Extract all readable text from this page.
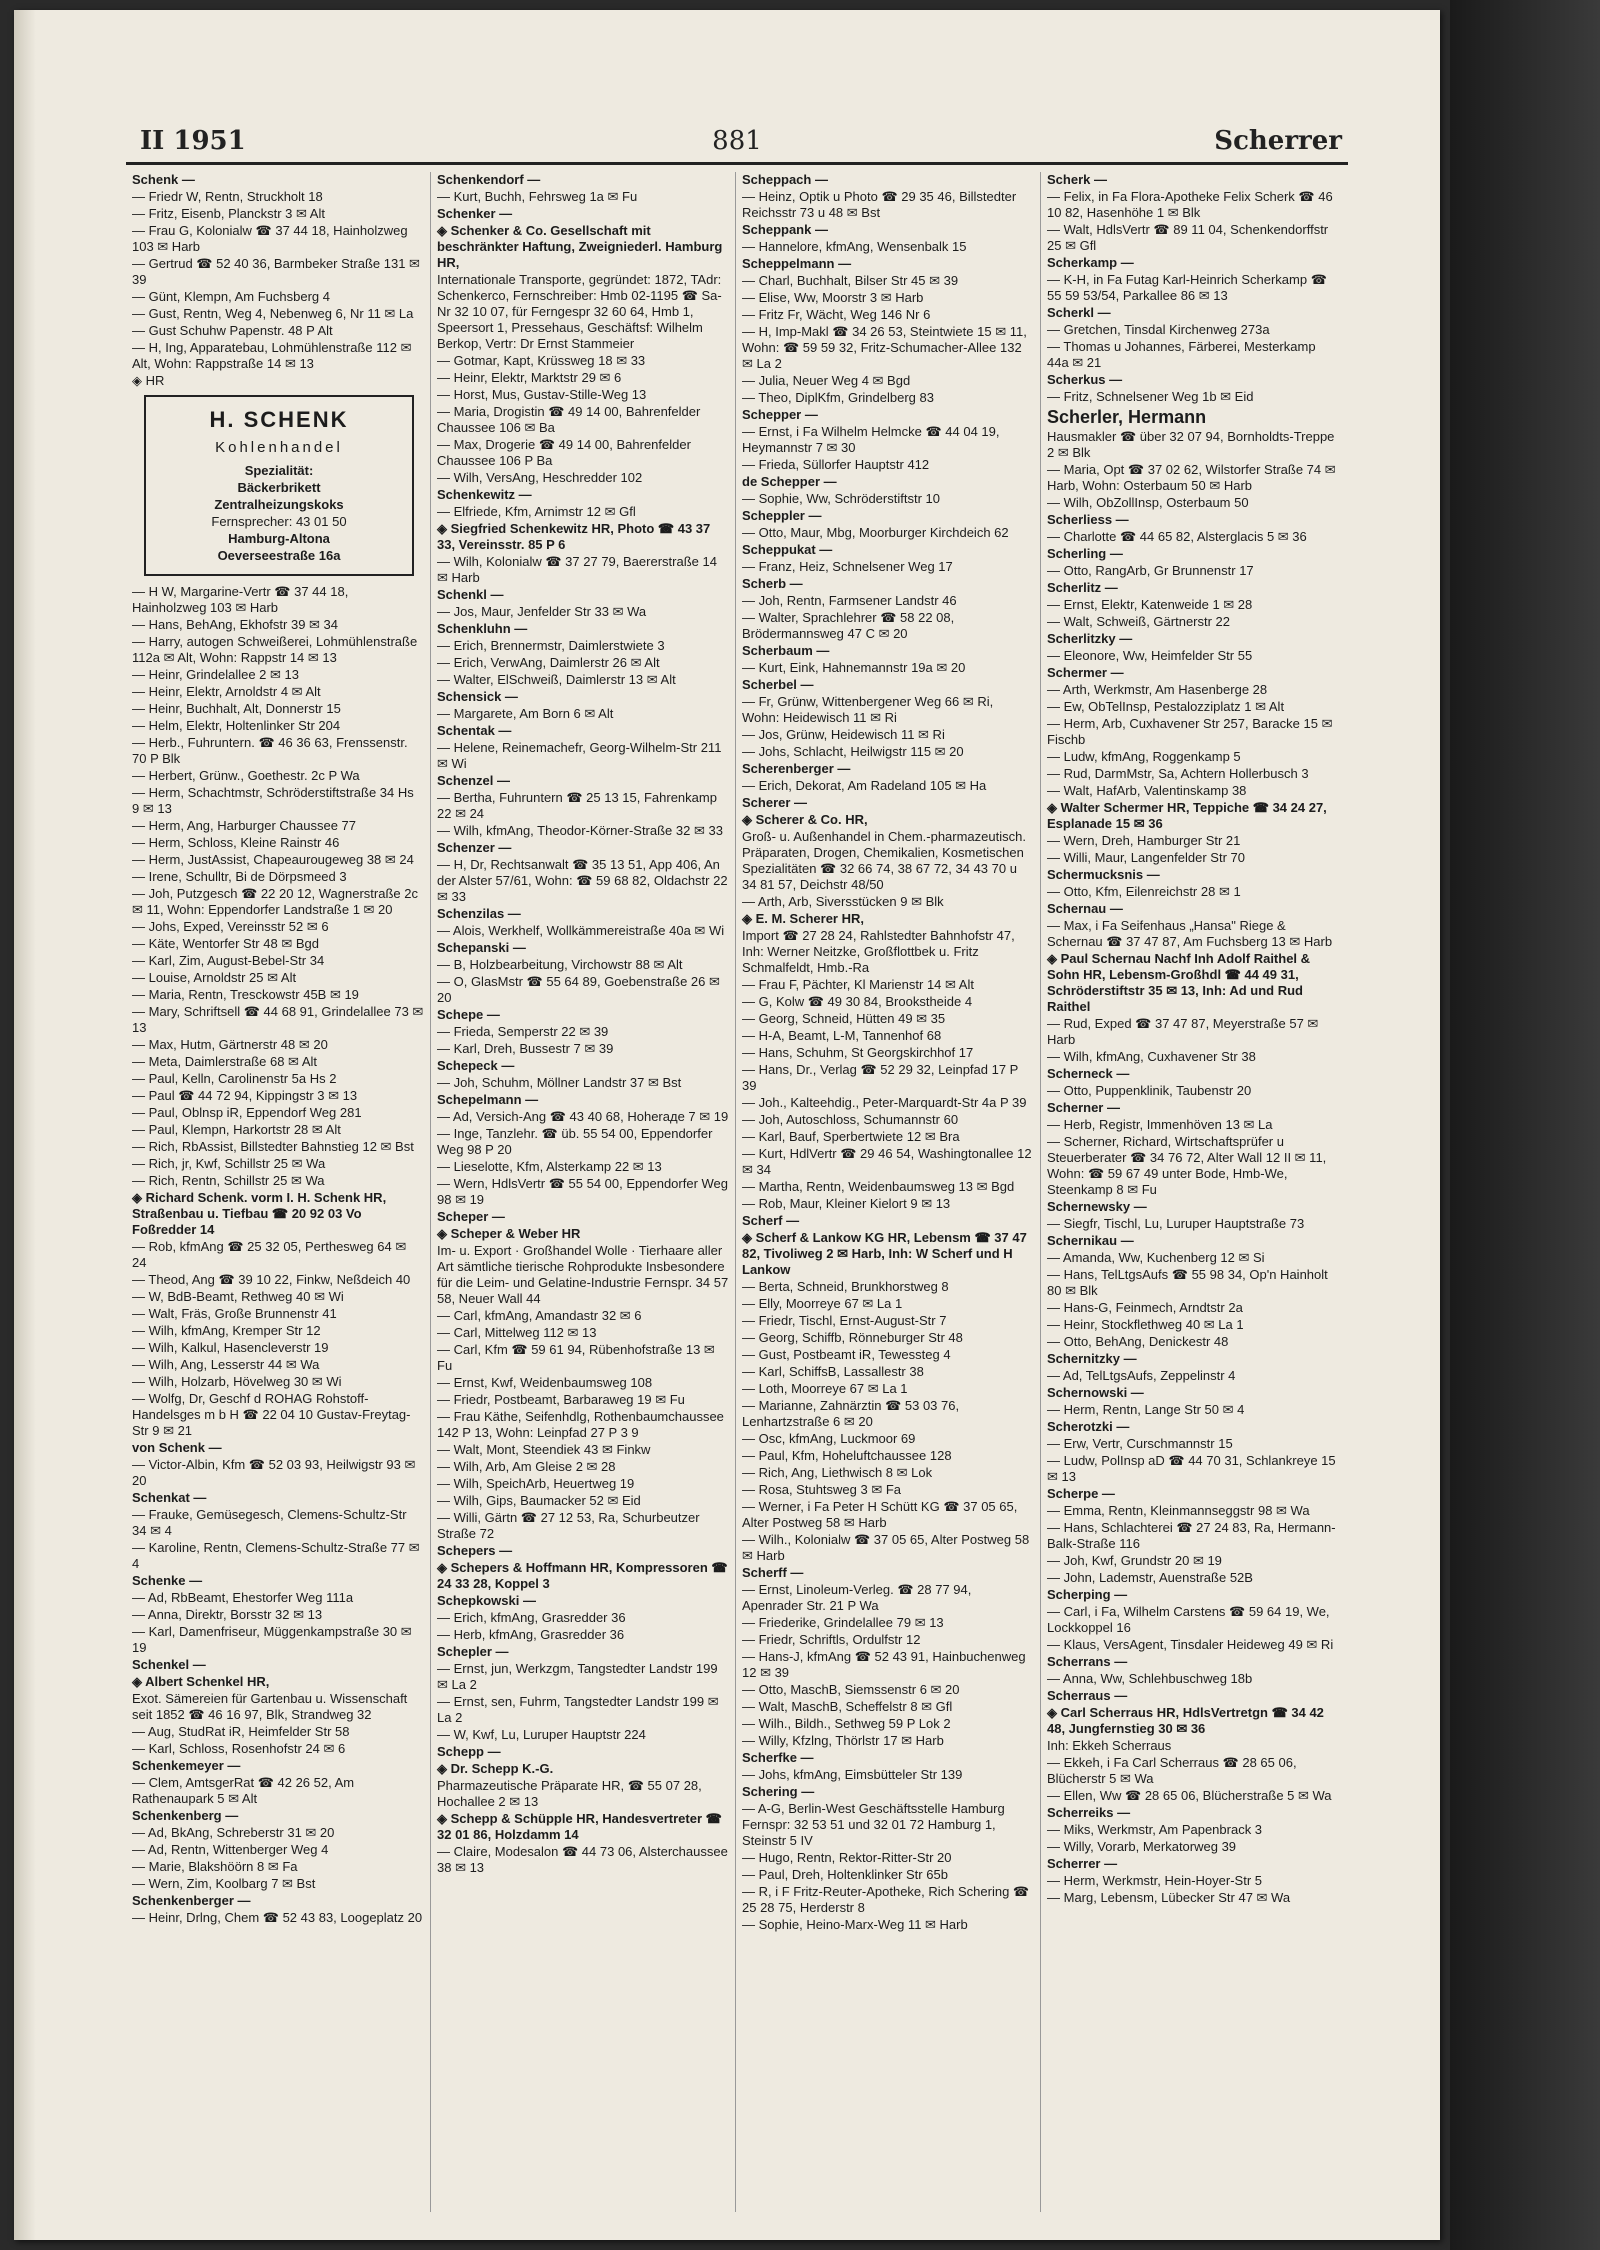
II 1951	881	Scherrer
Schenk —
— Friedr W, Rentn, Struckholt 18
— Fritz, Eisenb, Planckstr 3 ✉ Alt
— Frau G, Kolonialw ☎ 37 44 18, Hainholzweg 103 ✉ Harb
— Gertrud ☎ 52 40 36, Barmbeker Straße 131 ✉ 39
— Günt, Klempn, Am Fuchsberg 4
— Gust, Rentn, Weg 4, Nebenweg 6, Nr 11 ✉ La
— Gust Schuhw Papenstr. 48 P Alt
— H, Ing, Apparatebau, Lohmühlenstraße 112 ✉ Alt, Wohn: Rappstraße 14 ✉ 13
◈ HR
H. SCHENK
Kohlenhandel
Spezialität:
Bäckerbrikett
Zentralheizungskoks
Fernsprecher: 43 01 50
Hamburg-Altona
Oeverseestraße 16a
— H W, Margarine-Vertr ☎ 37 44 18, Hainholzweg 103 ✉ Harb
— Hans, BehAng, Ekhofstr 39 ✉ 34
— Harry, autogen Schweißerei, Lohmühlenstraße 112a ✉ Alt, Wohn: Rappstr 14 ✉ 13
— Heinr, Grindelallee 2 ✉ 13
— Heinr, Elektr, Arnoldstr 4 ✉ Alt
— Heinr, Buchhalt, Alt, Donnerstr 15
— Helm, Elektr, Holtenlinker Str 204
— Herb., Fuhruntern. ☎ 46 36 63, Frenssenstr. 70 P Blk
— Herbert, Grünw., Goethestr. 2c P Wa
— Herm, Schachtmstr, Schröderstiftstraße 34 Hs 9 ✉ 13
— Herm, Ang, Harburger Chaussee 77
— Herm, Schloss, Kleine Rainstr 46
— Herm, JustAssist, Chapeaurougeweg 38 ✉ 24
— Irene, Schulltr, Bi de Dörpsmeed 3
— Joh, Putzgesch ☎ 22 20 12, Wagnerstraße 2c ✉ 11, Wohn: Eppendorfer Landstraße 1 ✉ 20
— Johs, Exped, Vereinsstr 52 ✉ 6
— Käte, Wentorfer Str 48 ✉ Bgd
— Karl, Zim, August-Bebel-Str 34
— Louise, Arnoldstr 25 ✉ Alt
— Maria, Rentn, Tresckowstr 45B ✉ 19
— Mary, Schriftsell ☎ 44 68 91, Grindelallee 73 ✉ 13
— Max, Hutm, Gärtnerstr 48 ✉ 20
— Meta, Daimlerstraße 68 ✉ Alt
— Paul, Kelln, Carolinenstr 5a Hs 2
— Paul ☎ 44 72 94, Kippingstr 3 ✉ 13
— Paul, Oblnsp iR, Eppendorf Weg 281
— Paul, Klempn, Harkortstr 28 ✉ Alt
— Rich, RbAssist, Billstedter Bahnstieg 12 ✉ Bst
— Rich, jr, Kwf, Schillstr 25 ✉ Wa
— Rich, Rentn, Schillstr 25 ✉ Wa
◈ Richard Schenk. vorm I. H. Schenk HR, Straßenbau u. Tiefbau ☎ 20 92 03 Vo Foßredder 14
— Rob, kfmAng ☎ 25 32 05, Perthesweg 64 ✉ 24
— Theod, Ang ☎ 39 10 22, Finkw, Neßdeich 40
— W, BdB-Beamt, Rethweg 40 ✉ Wi
— Walt, Fräs, Große Brunnenstr 41
— Wilh, kfmAng, Kremper Str 12
— Wilh, Kalkul, Hasencleverstr 19
— Wilh, Ang, Lesserstr 44 ✉ Wa
— Wilh, Holzarb, Hövelweg 30 ✉ Wi
— Wolfg, Dr, Geschf d ROHAG Rohstoff-Handelsges m b H ☎ 22 04 10 Gustav-Freytag-Str 9 ✉ 21
von Schenk —
— Victor-Albin, Kfm ☎ 52 03 93, Heilwigstr 93 ✉ 20
Schenkat —
— Frauke, Gemüsegesch, Clemens-Schultz-Str 34 ✉ 4
— Karoline, Rentn, Clemens-Schultz-Straße 77 ✉ 4
Schenke —
— Ad, RbBeamt, Ehestorfer Weg 111a
— Anna, Direktr, Borsstr 32 ✉ 13
— Karl, Damenfriseur, Müggenkampstraße 30 ✉ 19
Schenkel —
◈ Albert Schenkel HR,
Exot. Sämereien für Gartenbau u. Wissenschaft seit 1852 ☎ 46 16 97, Blk, Strandweg 32
— Aug, StudRat iR, Heimfelder Str 58
— Karl, Schloss, Rosenhofstr 24 ✉ 6
Schenkemeyer —
— Clem, AmtsgerRat ☎ 42 26 52, Am Rathenaupark 5 ✉ Alt
Schenkenberg —
— Ad, BkAng, Schreberstr 31 ✉ 20
— Ad, Rentn, Wittenberger Weg 4
— Marie, Blakshöörn 8 ✉ Fa
— Wern, Zim, Koolbarg 7 ✉ Bst
Schenkenberger —
— Heinr, Drlng, Chem ☎ 52 43 83, Loogeplatz 20
Schenkendorf —
— Kurt, Buchh, Fehrsweg 1a ✉ Fu
Schenker —
◈ Schenker & Co. Gesellschaft mit beschränkter Haftung, Zweigniederl. Hamburg HR,
Internationale Transporte, gegründet: 1872, TAdr: Schenkerco, Fernschreiber: Hmb 02-1195 ☎ Sa-Nr 32 10 07, für Ferngespr 32 60 64, Hmb 1, Speersort 1, Pressehaus, Geschäftsf: Wilhelm Berkop, Vertr: Dr Ernst Stammeier
— Gotmar, Kapt, Krüssweg 18 ✉ 33
— Heinr, Elektr, Marktstr 29 ✉ 6
— Horst, Mus, Gustav-Stille-Weg 13
— Maria, Drogistin ☎ 49 14 00, Bahrenfelder Chaussee 106 ✉ Ba
— Max, Drogerie ☎ 49 14 00, Bahrenfelder Chaussee 106 P Ba
— Wilh, VersAng, Heschredder 102
Schenkewitz —
— Elfriede, Kfm, Arnimstr 12 ✉ Gfl
◈ Siegfried Schenkewitz HR, Photo ☎ 43 37 33, Vereinsstr. 85 P 6
— Wilh, Kolonialw ☎ 37 27 79, Baererstraße 14 ✉ Harb
Schenkl —
— Jos, Maur, Jenfelder Str 33 ✉ Wa
Schenkluhn —
— Erich, Brennermstr, Daimlerstwiete 3
— Erich, VerwAng, Daimlerstr 26 ✉ Alt
— Walter, ElSchweiß, Daimlerstr 13 ✉ Alt
Schensick —
— Margarete, Am Born 6 ✉ Alt
Schentak —
— Helene, Reinemachefr, Georg-Wilhelm-Str 211 ✉ Wi
Schenzel —
— Bertha, Fuhruntern ☎ 25 13 15, Fahrenkamp 22 ✉ 24
— Wilh, kfmAng, Theodor-Körner-Straße 32 ✉ 33
Schenzer —
— H, Dr, Rechtsanwalt ☎ 35 13 51, App 406, An der Alster 57/61, Wohn: ☎ 59 68 82, Oldachstr 22 ✉ 33
Schenzilas —
— Alois, Werkhelf, Wollkämmereistraße 40a ✉ Wi
Schepanski —
— B, Holzbearbeitung, Virchowstr 88 ✉ Alt
— O, GlasMstr ☎ 55 64 89, Goebenstraße 26 ✉ 20
Schepe —
— Frieda, Semperstr 22 ✉ 39
— Karl, Dreh, Bussestr 7 ✉ 39
Schepeck —
— Joh, Schuhm, Möllner Landstr 37 ✉ Bst
Schepelmann —
— Ad, Versich-Ang ☎ 43 40 68, Hoheraде 7 ✉ 19
— Inge, Tanzlehr. ☎ üb. 55 54 00, Eppendorfer Weg 98 P 20
— Lieselotte, Kfm, Alsterkamp 22 ✉ 13
— Wern, HdlsVertr ☎ 55 54 00, Eppendorfer Weg 98 ✉ 19
Scheper —
◈ Scheper & Weber HR
Im- u. Export · Großhandel Wolle · Tierhaare aller Art sämtliche tierische Rohprodukte Insbesondere für die Leim- und Gelatine-Industrie Fernspr. 34 57 58, Neuer Wall 44
— Carl, kfmAng, Amandastr 32 ✉ 6
— Carl, Mittelweg 112 ✉ 13
— Carl, Kfm ☎ 59 61 94, Rübenhofstraße 13 ✉ Fu
— Ernst, Kwf, Weidenbaumsweg 108
— Friedr, Postbeamt, Barbaraweg 19 ✉ Fu
— Frau Käthe, Seifenhdlg, Rothenbaumchaussee 142 P 13, Wohn: Leinpfad 27 P 3 9
— Walt, Mont, Steendiek 43 ✉ Finkw
— Wilh, Arb, Am Gleise 2 ✉ 28
— Wilh, SpeichArb, Heuertweg 19
— Wilh, Gips, Baumacker 52 ✉ Eid
— Willi, Gärtn ☎ 27 12 53, Ra, Schurbeutzer Straße 72
Schepers —
◈ Schepers & Hoffmann HR, Kompressoren ☎ 24 33 28, Koppel 3
Schepkowski —
— Erich, kfmAng, Grasredder 36
— Herb, kfmAng, Grasredder 36
Schepler —
— Ernst, jun, Werkzgm, Tangstedter Landstr 199 ✉ La 2
— Ernst, sen, Fuhrm, Tangstedter Landstr 199 ✉ La 2
— W, Kwf, Lu, Luruper Hauptstr 224
Schepp —
◈ Dr. Schepp K.-G.
Pharmazeutische Präparate HR, ☎ 55 07 28, Hochallee 2 ✉ 13
◈ Schepp & Schüpple HR, Handesvertreter ☎ 32 01 86, Holzdamm 14
— Claire, Modesalon ☎ 44 73 06, Alsterchaussee 38 ✉ 13
Scheppach —
— Heinz, Optik u Photo ☎ 29 35 46, Billstedter Reichsstr 73 u 48 ✉ Bst
Scheppank —
— Hannelore, kfmAng, Wensenbalk 15
Scheppelmann —
— Charl, Buchhalt, Bilser Str 45 ✉ 39
— Elise, Ww, Moorstr 3 ✉ Harb
— Fritz Fr, Wächt, Weg 146 Nr 6
— H, Imp-Makl ☎ 34 26 53, Steintwiete 15 ✉ 11, Wohn: ☎ 59 59 32, Fritz-Schumacher-Allee 132 ✉ La 2
— Julia, Neuer Weg 4 ✉ Bgd
— Theo, DiplKfm, Grindelberg 83
Schepper —
— Ernst, i Fa Wilhelm Helmcke ☎ 44 04 19, Heymannstr 7 ✉ 30
— Frieda, Süllorfer Hauptstr 412
de Schepper —
— Sophie, Ww, Schröderstiftstr 10
Scheppler —
— Otto, Maur, Mbg, Moorburger Kirchdeich 62
Scheppukat —
— Franz, Heiz, Schnelsener Weg 17
Scherb —
— Joh, Rentn, Farmsener Landstr 46
— Walter, Sprachlehrer ☎ 58 22 08, Brödermannsweg 47 C ✉ 20
Scherbaum —
— Kurt, Eink, Hahnemannstr 19a ✉ 20
Scherbel —
— Fr, Grünw, Wittenbergener Weg 66 ✉ Ri, Wohn: Heidewisch 11 ✉ Ri
— Jos, Grünw, Heidewisch 11 ✉ Ri
— Johs, Schlacht, Heilwigstr 115 ✉ 20
Scherenberger —
— Erich, Dekorat, Am Radeland 105 ✉ Ha
Scherer —
◈ Scherer & Co. HR,
Groß- u. Außenhandel in Chem.-pharmazeutisch. Präparaten, Drogen, Chemikalien, Kosmetischen Spezialitäten ☎ 32 66 74, 38 67 72, 34 43 70 u 34 81 57, Deichstr 48/50
— Arth, Arb, Siversstücken 9 ✉ Blk
◈ E. M. Scherer HR,
Import ☎ 27 28 24, Rahlstedter Bahnhofstr 47, Inh: Werner Neitzke, Großflottbek u. Fritz Schmalfeldt, Hmb.-Ra
— Frau F, Pächter, Kl Marienstr 14 ✉ Alt
— G, Kolw ☎ 49 30 84, Brookstheide 4
— Georg, Schneid, Hütten 49 ✉ 35
— H-A, Beamt, L-M, Tannenhof 68
— Hans, Schuhm, St Georgskirchhof 17
— Hans, Dr., Verlag ☎ 52 29 32, Leinpfad 17 P 39
— Joh., Kalteehdig., Peter-Marquardt-Str 4a P 39
— Joh, Autoschloss, Schumannstr 60
— Karl, Bauf, Sperbertwiete 12 ✉ Bra
— Kurt, HdlVertr ☎ 29 46 54, Washingtonallee 12 ✉ 34
— Martha, Rentn, Weidenbaumsweg 13 ✉ Bgd
— Rob, Maur, Kleiner Kielort 9 ✉ 13
Scherf —
◈ Scherf & Lankow KG HR, Lebensm ☎ 37 47 82, Tivoliweg 2 ✉ Harb, Inh: W Scherf und H Lankow
— Berta, Schneid, Brunkhorstweg 8
— Elly, Moorreye 67 ✉ La 1
— Friedr, Tischl, Ernst-August-Str 7
— Georg, Schiffb, Rönneburger Str 48
— Gust, Postbeamt iR, Tewessteg 4
— Karl, SchiffsB, Lassallestr 38
— Loth, Moorreye 67 ✉ La 1
— Marianne, Zahnärztin ☎ 53 03 76, Lenhartzstraße 6 ✉ 20
— Osc, kfmAng, Luckmoor 69
— Paul, Kfm, Hoheluftchaussee 128
— Rich, Ang, Liethwisch 8 ✉ Lok
— Rosa, Stuhtsweg 3 ✉ Fa
— Werner, i Fa Peter H Schütt KG ☎ 37 05 65, Alter Postweg 58 ✉ Harb
— Wilh., Kolonialw ☎ 37 05 65, Alter Postweg 58 ✉ Harb
Scherff —
— Ernst, Linoleum-Verleg. ☎ 28 77 94, Apenrader Str. 21 P Wa
— Friederike, Grindelallee 79 ✉ 13
— Friedr, Schriftls, Ordulfstr 12
— Hans-J, kfmAng ☎ 52 43 91, Hainbuchenweg 12 ✉ 39
— Otto, MaschB, Siemssenstr 6 ✉ 20
— Walt, MaschB, Scheffelstr 8 ✉ Gfl
— Wilh., Bildh., Sethweg 59 P Lok 2
— Willy, Kfzlng, Thörlstr 17 ✉ Harb
Scherfke —
— Johs, kfmAng, Eimsbütteler Str 139
Schering —
— A-G, Berlin-West Geschäftsstelle Hamburg Fernspr: 32 53 51 und 32 01 72 Hamburg 1, Steinstr 5 IV
— Hugo, Rentn, Rektor-Ritter-Str 20
— Paul, Dreh, Holtenklinker Str 65b
— R, i F Fritz-Reuter-Apotheke, Rich Schering ☎ 25 28 75, Herderstr 8
— Sophie, Heino-Marx-Weg 11 ✉ Harb
Scherk —
— Felix, in Fa Flora-Apotheke Felix Scherk ☎ 46 10 82, Hasenhöhe 1 ✉ Blk
— Walt, HdlsVertr ☎ 89 11 04, Schenkendorffstr 25 ✉ Gfl
Scherkamp —
— K-H, in Fa Futag Karl-Heinrich Scherkamp ☎ 55 59 53/54, Parkallee 86 ✉ 13
Scherkl —
— Gretchen, Tinsdal Kirchenweg 273a
— Thomas u Johannes, Färberei, Mesterkamp 44a ✉ 21
Scherkus —
— Fritz, Schnelsener Weg 1b ✉ Eid
Scherler, Hermann
Hausmakler ☎ über 32 07 94, Bornholdts-Treppe 2 ✉ Blk
— Maria, Opt ☎ 37 02 62, Wilstorfer Straße 74 ✉ Harb, Wohn: Osterbaum 50 ✉ Harb
— Wilh, ObZollInsp, Osterbaum 50
Scherliess —
— Charlotte ☎ 44 65 82, Alsterglacis 5 ✉ 36
Scherling —
— Otto, RangArb, Gr Brunnenstr 17
Scherlitz —
— Ernst, Elektr, Katenweide 1 ✉ 28
— Walt, Schweiß, Gärtnerstr 22
Scherlitzky —
— Eleonore, Ww, Heimfelder Str 55
Schermer —
— Arth, Werkmstr, Am Hasenberge 28
— Ew, ObTelInsp, Pestalozziplatz 1 ✉ Alt
— Herm, Arb, Cuxhavener Str 257, Baracke 15 ✉ Fischb
— Ludw, kfmAng, Roggenkamp 5
— Rud, DarmMstr, Sa, Achtern Hollerbusch 3
— Walt, HafArb, Valentinskamp 38
◈ Walter Schermer HR, Teppiche ☎ 34 24 27, Esplanade 15 ✉ 36
— Wern, Dreh, Hamburger Str 21
— Willi, Maur, Langenfelder Str 70
Schermucksnis —
— Otto, Kfm, Eilenreichstr 28 ✉ 1
Schernau —
— Max, i Fa Seifenhaus „Hansa" Riege & Schernau ☎ 37 47 87, Am Fuchsberg 13 ✉ Harb
◈ Paul Schernau Nachf Inh Adolf Raithel & Sohn HR, Lebensm-Großhdl ☎ 44 49 31, Schröderstiftstr 35 ✉ 13, Inh: Ad und Rud Raithel
— Rud, Exped ☎ 37 47 87, Meyerstraße 57 ✉ Harb
— Wilh, kfmAng, Cuxhavener Str 38
Scherneck —
— Otto, Puppenklinik, Taubenstr 20
Scherner —
— Herb, Registr, Immenhöven 13 ✉ La
— Scherner, Richard, Wirtschaftsprüfer u Steuerberater ☎ 34 76 72, Alter Wall 12 II ✉ 11, Wohn: ☎ 59 67 49 unter Bode, Hmb-We, Steenkamp 8 ✉ Fu
Schernewsky —
— Siegfr, Tischl, Lu, Luruper Hauptstraße 73
Schernikau —
— Amanda, Ww, Kuchenberg 12 ✉ Si
— Hans, TelLtgsAufs ☎ 55 98 34, Op'n Hainholt 80 ✉ Blk
— Hans-G, Feinmech, Arndtstr 2a
— Heinr, Stockflethweg 40 ✉ La 1
— Otto, BehAng, Denickestr 48
Schernitzky —
— Ad, TelLtgsAufs, Zeppelinstr 4
Schernowski —
— Herm, Rentn, Lange Str 50 ✉ 4
Scherotzki —
— Erw, Vertr, Curschmannstr 15
— Ludw, PolInsp aD ☎ 44 70 31, Schlankreye 15 ✉ 13
Scherpe —
— Emma, Rentn, Kleinmannseggstr 98 ✉ Wa
— Hans, Schlachterei ☎ 27 24 83, Ra, Hermann-Balk-Straße 116
— Joh, Kwf, Grundstr 20 ✉ 19
— John, Lademstr, Auenstraße 52B
Scherping —
— Carl, i Fa, Wilhelm Carstens ☎ 59 64 19, We, Lockkoppel 16
— Klaus, VersAgent, Tinsdaler Heideweg 49 ✉ Ri
Scherrans —
— Anna, Ww, Schlehbuschweg 18b
Scherraus —
◈ Carl Scherraus HR, HdlsVertretgn ☎ 34 42 48, Jungfernstieg 30 ✉ 36
Inh: Ekkeh Scherraus
— Ekkeh, i Fa Carl Scherraus ☎ 28 65 06, Blücherstr 5 ✉ Wa
— Ellen, Ww ☎ 28 65 06, Blücherstraße 5 ✉ Wa
Scherreiks —
— Miks, Werkmstr, Am Papenbrack 3
— Willy, Vorarb, Merkatorweg 39
Scherrer —
— Herm, Werkmstr, Hein-Hoyer-Str 5
— Marg, Lebensm, Lübecker Str 47 ✉ Wa
